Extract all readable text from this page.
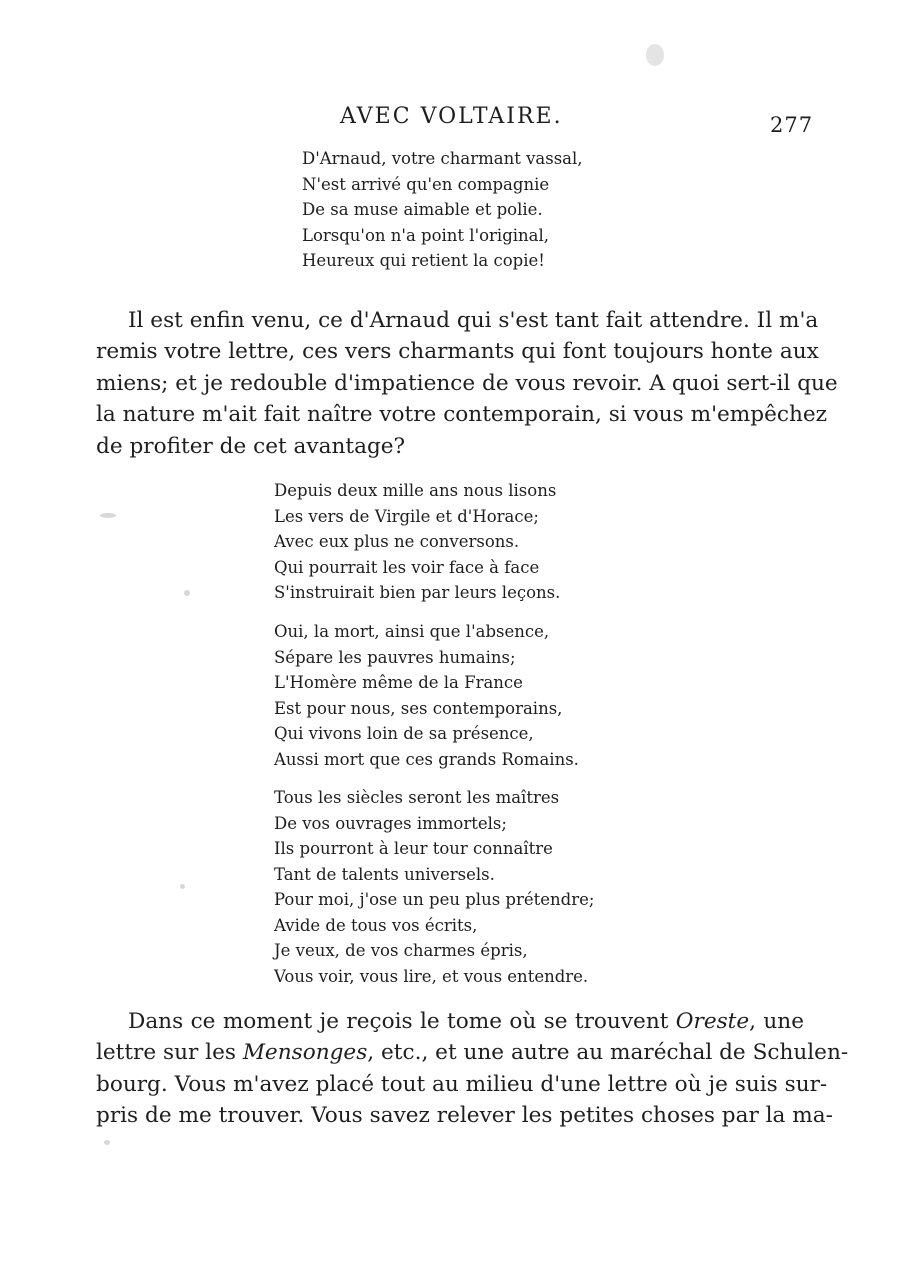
AVEC VOLTAIRE.	277
D'Arnaud, votre charmant vassal,
N'est arrivé qu'en compagnie
De sa muse aimable et polie.
Lorsqu'on n'a point l'original,
Heureux qui retient la copie!
Il est enfin venu, ce d'Arnaud qui s'est tant fait attendre. Il m'a
remis votre lettre, ces vers charmants qui font toujours honte aux
miens; et je redouble d'impatience de vous revoir. A quoi sert-il que
la nature m'ait fait naître votre contemporain, si vous m'empêchez
de profiter de cet avantage?
Depuis deux mille ans nous lisons
Les vers de Virgile et d'Horace;
Avec eux plus ne conversons.
Qui pourrait les voir face à face
S'instruirait bien par leurs leçons.
Oui, la mort, ainsi que l'absence,
Sépare les pauvres humains;
L'Homère même de la France
Est pour nous, ses contemporains,
Qui vivons loin de sa présence,
Aussi mort que ces grands Romains.
Tous les siècles seront les maîtres
De vos ouvrages immortels;
Ils pourront à leur tour connaître
Tant de talents universels.
Pour moi, j'ose un peu plus prétendre;
Avide de tous vos écrits,
Je veux, de vos charmes épris,
Vous voir, vous lire, et vous entendre.
Dans ce moment je reçois le tome où se trouvent Oreste, une
lettre sur les Mensonges, etc., et une autre au maréchal de Schulen-
bourg. Vous m'avez placé tout au milieu d'une lettre où je suis sur-
pris de me trouver. Vous savez relever les petites choses par la ma-
